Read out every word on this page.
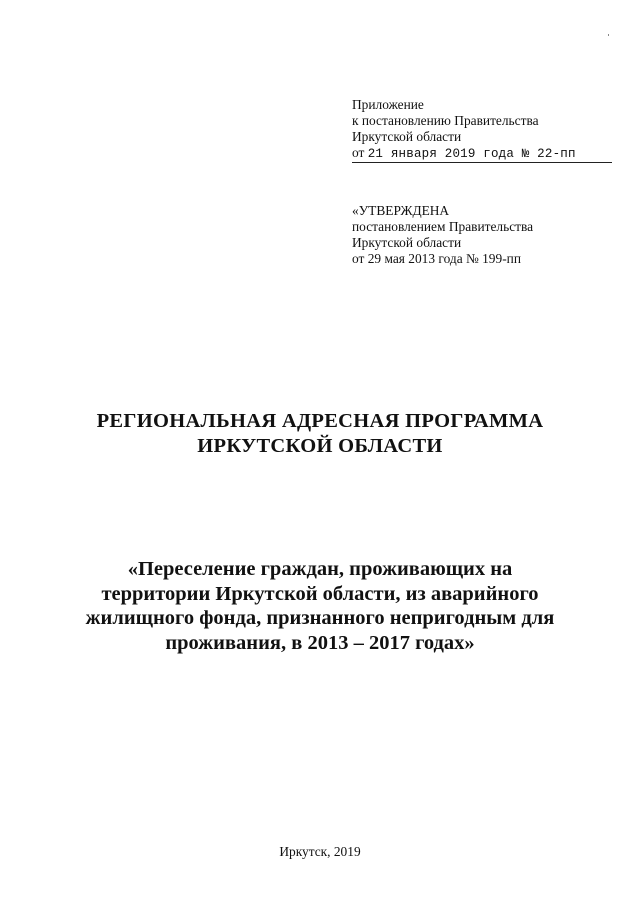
Приложение
к постановлению Правительства
Иркутской области
от 21 января 2019 года № 22-пп
«УТВЕРЖДЕНА
постановлением Правительства
Иркутской области
от 29 мая 2013 года № 199-пп
РЕГИОНАЛЬНАЯ АДРЕСНАЯ ПРОГРАММА
ИРКУТСКОЙ ОБЛАСТИ
«Переселение граждан, проживающих на
территории Иркутской области, из аварийного
жилищного фонда, признанного непригодным для
проживания, в 2013 – 2017 годах»
Иркутск, 2019
